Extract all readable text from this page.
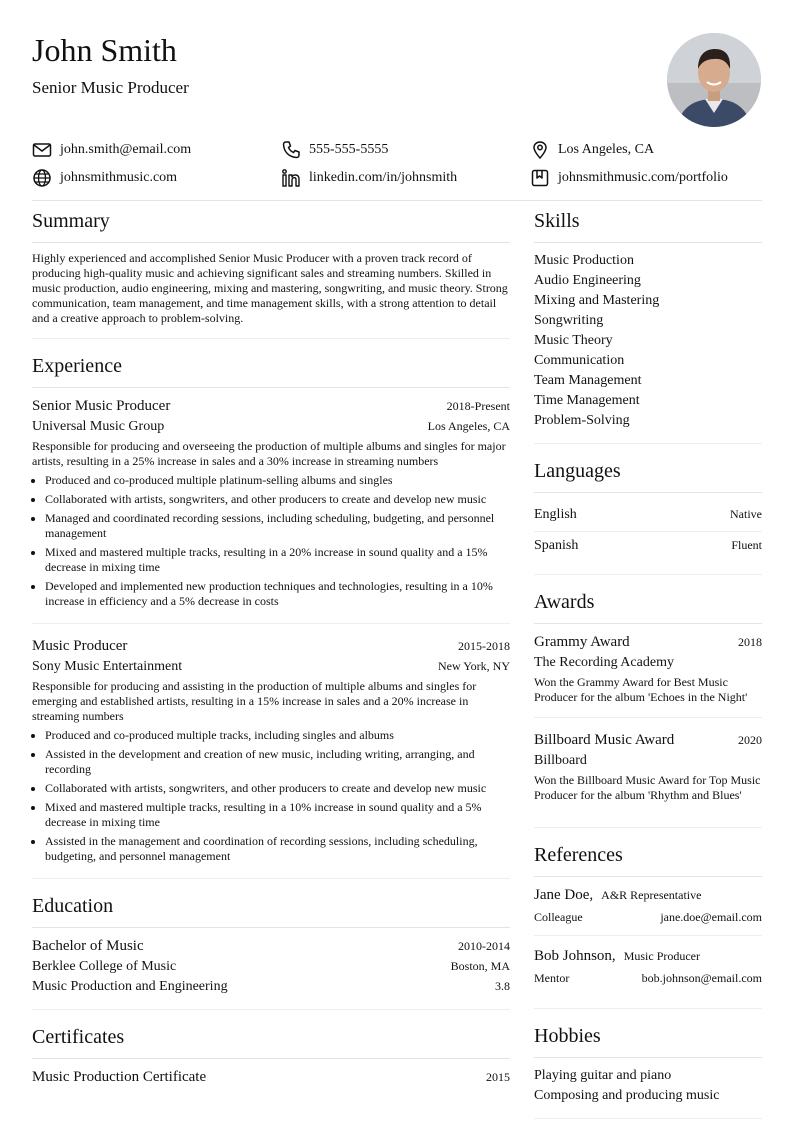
John Smith
Senior Music Producer
john.smith@email.com	555-555-5555	Los Angeles, CA
johnsmithmusic.com	linkedin.com/in/johnsmith	johnsmithmusic.com/portfolio
Summary
Highly experienced and accomplished Senior Music Producer with a proven track record of producing high-quality music and achieving significant sales and streaming numbers. Skilled in music production, audio engineering, mixing and mastering, songwriting, and music theory. Strong communication, team management, and time management skills, with a strong attention to detail and a creative approach to problem-solving.
Experience
Senior Music Producer	2018-Present
Universal Music Group	Los Angeles, CA
Responsible for producing and overseeing the production of multiple albums and singles for major artists, resulting in a 25% increase in sales and a 30% increase in streaming numbers
• Produced and co-produced multiple platinum-selling albums and singles
• Collaborated with artists, songwriters, and other producers to create and develop new music
• Managed and coordinated recording sessions, including scheduling, budgeting, and personnel management
• Mixed and mastered multiple tracks, resulting in a 20% increase in sound quality and a 15% decrease in mixing time
• Developed and implemented new production techniques and technologies, resulting in a 10% increase in efficiency and a 5% decrease in costs
Music Producer	2015-2018
Sony Music Entertainment	New York, NY
Responsible for producing and assisting in the production of multiple albums and singles for emerging and established artists, resulting in a 15% increase in sales and a 20% increase in streaming numbers
• Produced and co-produced multiple tracks, including singles and albums
• Assisted in the development and creation of new music, including writing, arranging, and recording
• Collaborated with artists, songwriters, and other producers to create and develop new music
• Mixed and mastered multiple tracks, resulting in a 10% increase in sound quality and a 5% decrease in mixing time
• Assisted in the management and coordination of recording sessions, including scheduling, budgeting, and personnel management
Education
Bachelor of Music	2010-2014
Berklee College of Music	Boston, MA
Music Production and Engineering	3.8
Certificates
Music Production Certificate	2015
Skills
Music Production
Audio Engineering
Mixing and Mastering
Songwriting
Music Theory
Communication
Team Management
Time Management
Problem-Solving
Languages
English	Native
Spanish	Fluent
Awards
Grammy Award	2018
The Recording Academy
Won the Grammy Award for Best Music Producer for the album 'Echoes in the Night'
Billboard Music Award	2020
Billboard
Won the Billboard Music Award for Top Music Producer for the album 'Rhythm and Blues'
References
Jane Doe, A&R Representative
Colleague	jane.doe@email.com
Bob Johnson, Music Producer
Mentor	bob.johnson@email.com
Hobbies
Playing guitar and piano
Composing and producing music
